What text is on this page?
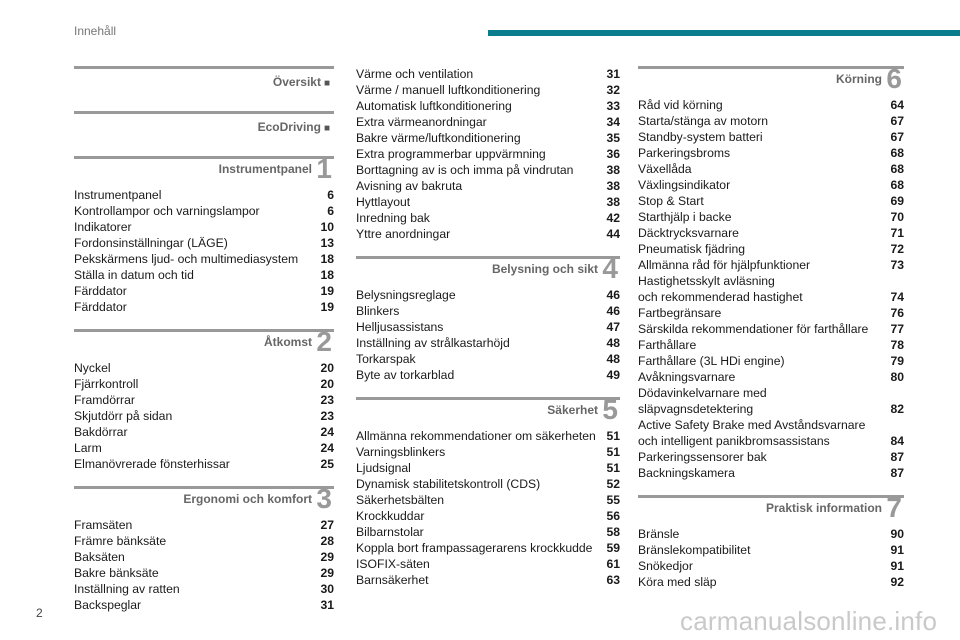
Innehåll
Översikt ■
EcoDriving ■
Instrumentpanel 1
Instrumentpanel	6
Kontrollampor och varningslampor	6
Indikatorer	10
Fordonsinställningar (LÄGE)	13
Pekskärmens ljud- och multimediasystem 18
Ställa in datum och tid	18
Färddator	19
Färddator	19
Åtkomst 2
Nyckel	20
Fjärrkontroll	20
Framdörrar	23
Skjutdörr på sidan	23
Bakdörrar	24
Larm	24
Elmanövrerade fönsterhissar	25
Ergonomi och komfort 3
Framsäten	27
Främre bänksäte	28
Baksäten	29
Bakre bänksäte	29
Inställning av ratten	30
Backspeglar	31
Värme och ventilation	31
Värme / manuell luftkonditionering	32
Automatisk luftkonditionering	33
Extra värmeanordningar	34
Bakre värme/luftkonditionering	35
Extra programmerbar uppvärmning	36
Borttagning av is och imma på vindrutan	38
Avisning av bakruta	38
Hyttlayout	38
Inredning bak	42
Yttre anordningar	44
Belysning och sikt 4
Belysningsreglage	46
Blinkers	46
Helljusassistans	47
Inställning av strålkastarhöjd	48
Torkarspak	48
Byte av torkarblad	49
Säkerhet 5
Allmänna rekommendationer om säkerheten 51
Varningsblinkers	51
Ljudsignal	51
Dynamisk stabilitetskontroll (CDS)	52
Säkerhetsbälten	55
Krockkuddar	56
Bilbarnstolar	58
Koppla bort frampassagerarens krockkudde 59
ISOFIX-säten	61
Barnsäkerhet	63
Körning 6
Råd vid körning	64
Starta/stänga av motorn	67
Standby-system batteri	67
Parkeringsbroms	68
Växellåda	68
Växlingsindikator	68
Stop & Start	69
Starthjälp i backe	70
Däcktrycksvarnare	71
Pneumatisk fjädring	72
Allmänna råd för hjälpfunktioner	73
Hastighetsskylt avläsning
och rekommenderad hastighet	74
Fartbegränsare	76
Särskilda rekommendationer för farthållare 77
Farthållare	78
Farthållare (3L HDi engine)	79
Avåkningsvarnare	80
Dödavinkelvarnare med
släpvagnsdetektering	82
Active Safety Brake med Avståndsvarnare
och intelligent panikbromsassistans	84
Parkeringssensorer bak	87
Backningskamera	87
Praktisk information 7
Bränsle	90
Bränslekompatibilitet	91
Snökedjor	91
Köra med släp	92
2	carmanualsonline.info
